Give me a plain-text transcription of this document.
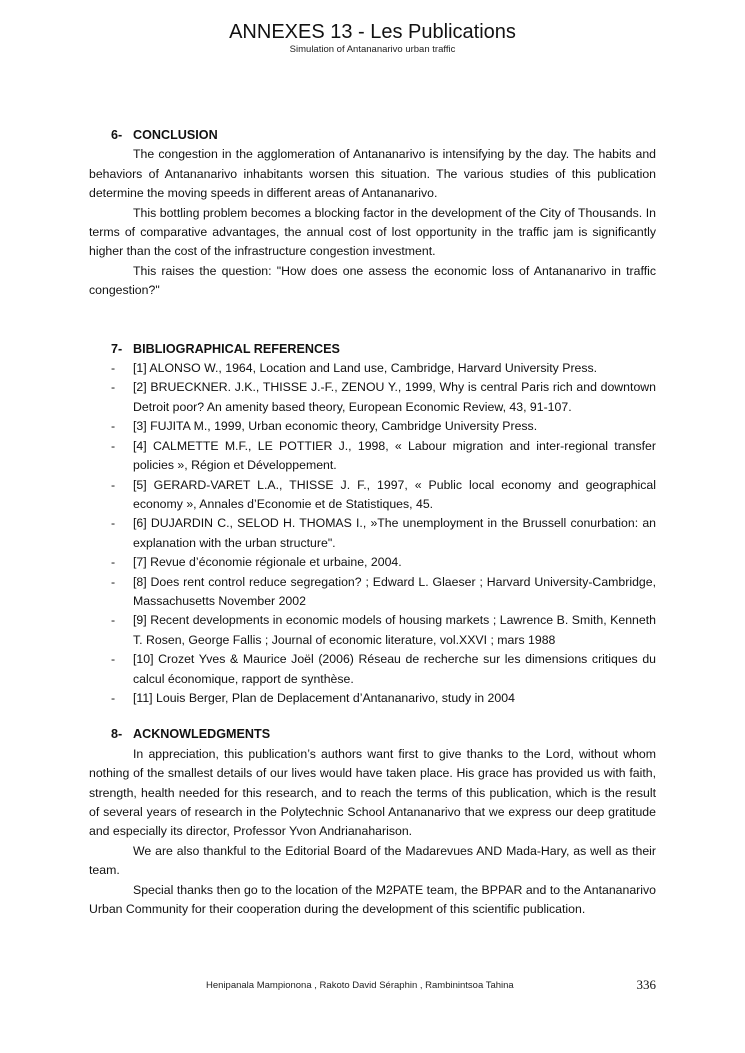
ANNEXES 13 - Les Publications
Simulation of Antananarivo urban traffic
6- CONCLUSION

The congestion in the agglomeration of Antananarivo is intensifying by the day. The habits and behaviors of Antananarivo inhabitants worsen this situation. The various studies of this publication determine the moving speeds in different areas of Antananarivo.

This bottling problem becomes a blocking factor in the development of the City of Thousands. In terms of comparative advantages, the annual cost of lost opportunity in the traffic jam is significantly higher than the cost of the infrastructure congestion investment.

This raises the question: "How does one assess the economic loss of Antananarivo in traffic congestion?"

7- BIBLIOGRAPHICAL REFERENCES
- [1] ALONSO W., 1964, Location and Land use, Cambridge, Harvard University Press.
- [2] BRUECKNER. J.K., THISSE J.-F., ZENOU Y., 1999, Why is central Paris rich and downtown Detroit poor? An amenity based theory, European Economic Review, 43, 91-107.
- [3] FUJITA M., 1999, Urban economic theory, Cambridge University Press.
- [4] CALMETTE M.F., LE POTTIER J., 1998, « Labour migration and inter-regional transfer policies », Région et Développement.
- [5] GERARD-VARET L.A., THISSE J. F., 1997, « Public local economy and geographical economy », Annales d’Economie et de Statistiques, 45.
- [6] DUJARDIN C., SELOD H. THOMAS I., »The unemployment in the Brussell conurbation: an explanation with the urban structure".
- [7] Revue d’économie régionale et urbaine, 2004.
- [8] Does rent control reduce segregation? ; Edward L. Glaeser ; Harvard University-Cambridge, Massachusetts November 2002
- [9] Recent developments in economic models of housing markets ; Lawrence B. Smith, Kenneth T. Rosen, George Fallis ; Journal of economic literature, vol.XXVI ; mars 1988
- [10] Crozet Yves & Maurice Joël (2006) Réseau de recherche sur les dimensions critiques du calcul économique, rapport de synthèse.
- [11] Louis Berger, Plan de Deplacement d’Antananarivo, study in 2004
8- ACKNOWLEDGMENTS

In appreciation, this publication’s authors want first to give thanks to the Lord, without whom nothing of the smallest details of our lives would have taken place. His grace has provided us with faith, strength, health needed for this research, and to reach the terms of this publication, which is the result of several years of research in the Polytechnic School Antananarivo that we express our deep gratitude and especially its director, Professor Yvon Andrianaharison.

We are also thankful to the Editorial Board of the Madarevues AND Mada-Hary, as well as their team.

Special thanks then go to the location of the M2PATE team, the BPPAR and to the Antananarivo Urban Community for their cooperation during the development of this scientific publication.

Henipanala Mampionona , Rakoto David Séraphin , Rambinintsoa Tahina	336
